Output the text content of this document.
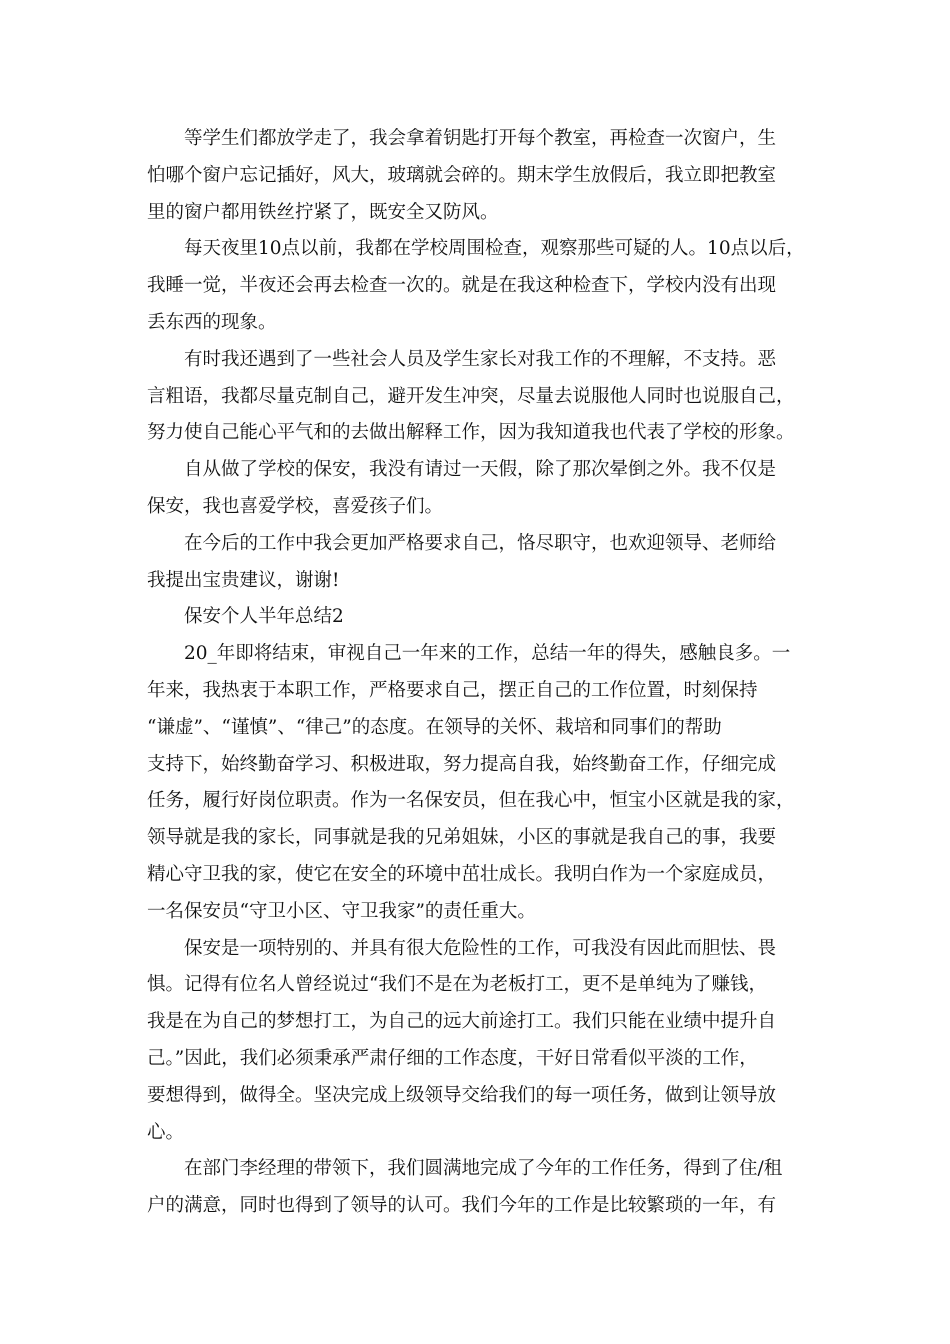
等学生们都放学走了，我会拿着钥匙打开每个教室，再检查一次窗户，生
怕哪个窗户忘记插好，风大，玻璃就会碎的。期末学生放假后，我立即把教室
里的窗户都用铁丝拧紧了，既安全又防风。
每天夜里10点以前，我都在学校周围检查，观察那些可疑的人。10点以后，
我睡一觉，半夜还会再去检查一次的。就是在我这种检查下，学校内没有出现
丢东西的现象。
有时我还遇到了一些社会人员及学生家长对我工作的不理解，不支持。恶
言粗语，我都尽量克制自己，避开发生冲突，尽量去说服他人同时也说服自己，
努力使自己能心平气和的去做出解释工作，因为我知道我也代表了学校的形象。
自从做了学校的保安，我没有请过一天假，除了那次晕倒之外。我不仅是
保安，我也喜爱学校，喜爱孩子们。
在今后的工作中我会更加严格要求自己，恪尽职守，也欢迎领导、老师给
我提出宝贵建议，谢谢!
保安个人半年总结2
20_年即将结束，审视自己一年来的工作，总结一年的得失，感触良多。一
年来，我热衷于本职工作，严格要求自己，摆正自己的工作位置，时刻保持
“谦虚”、“谨慎”、“律己”的态度。在领导的关怀、栽培和同事们的帮助
支持下，始终勤奋学习、积极进取，努力提高自我，始终勤奋工作，仔细完成
任务，履行好岗位职责。作为一名保安员，但在我心中，恒宝小区就是我的家，
领导就是我的家长，同事就是我的兄弟姐妹，小区的事就是我自己的事，我要
精心守卫我的家，使它在安全的环境中茁壮成长。我明白作为一个家庭成员，
一名保安员“守卫小区、守卫我家”的责任重大。
保安是一项特别的、并具有很大危险性的工作，可我没有因此而胆怯、畏
惧。记得有位名人曾经说过“我们不是在为老板打工，更不是单纯为了赚钱，
我是在为自己的梦想打工，为自己的远大前途打工。我们只能在业绩中提升自
己。”因此，我们必须秉承严肃仔细的工作态度，干好日常看似平淡的工作，
要想得到，做得全。坚决完成上级领导交给我们的每一项任务，做到让领导放
心。
在部门李经理的带领下，我们圆满地完成了今年的工作任务，得到了住/租
户的满意，同时也得到了领导的认可。我们今年的工作是比较繁琐的一年，有
